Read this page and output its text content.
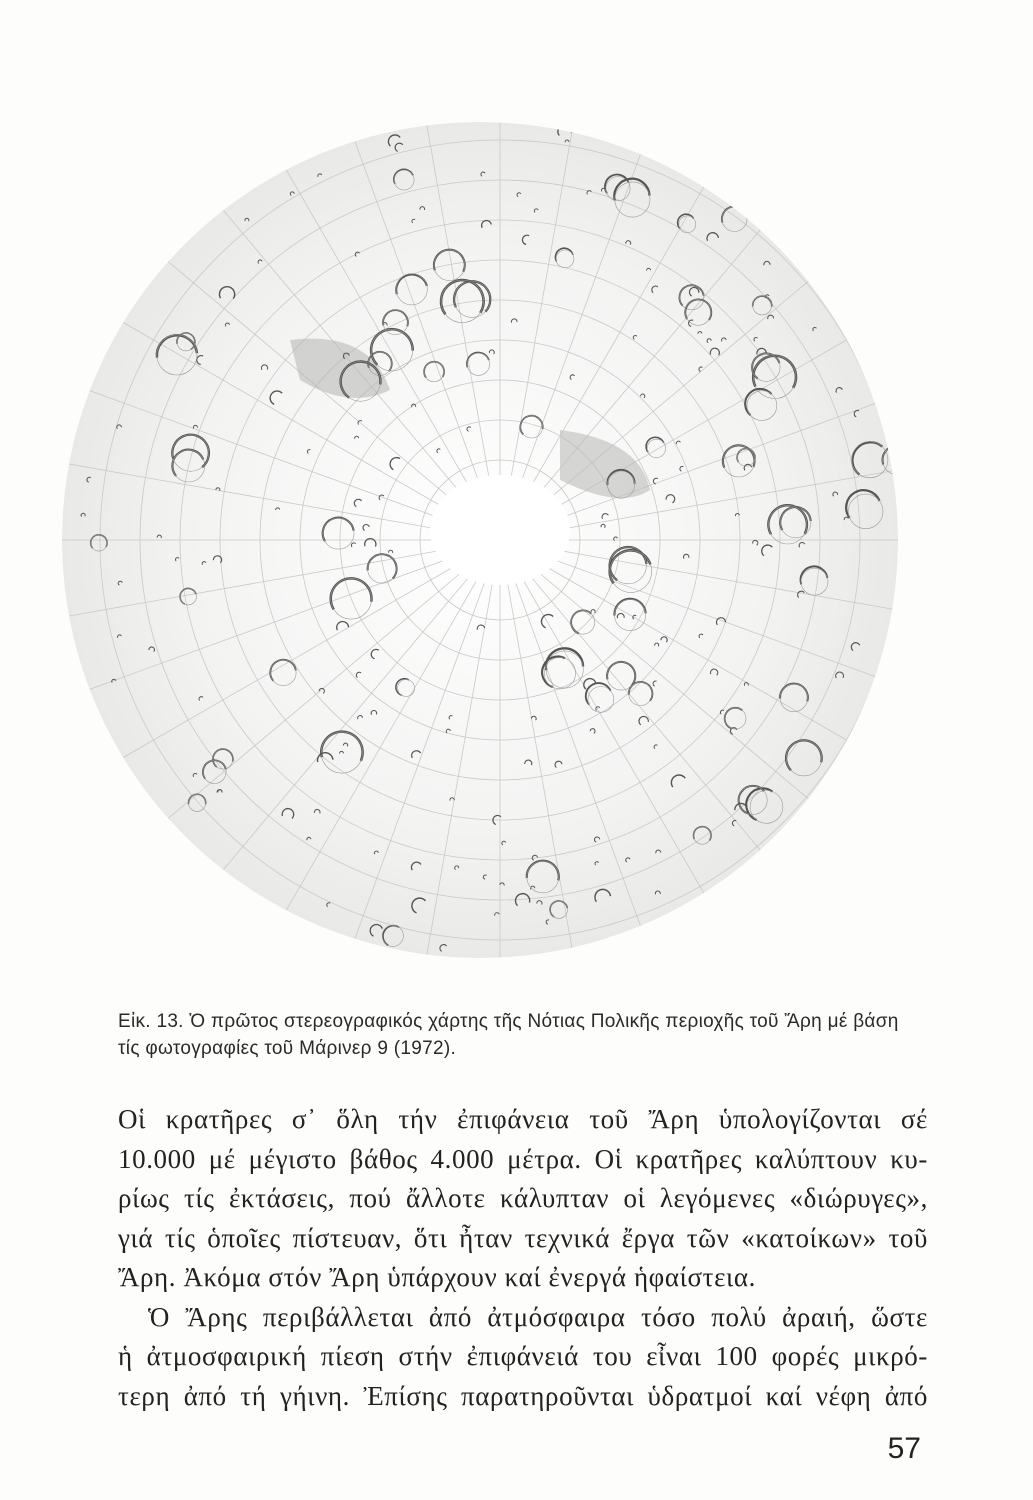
Εἰκ. 13. Ὁ πρῶτος στερεογραφικός χάρτης τῆς Νότιας Πολικῆς περιοχῆς τοῦ Ἄρη μέ βάση

τίς φωτογραφίες τοῦ Μάρινερ 9 (1972).

Οἱ κρατῆρες σ᾽ ὅλη τήν ἐπιφάνεια τοῦ Ἄρη ὑπολογίζονται σέ

10.000 μέ μέγιστο βάθος 4.000 μέτρα. Οἱ κρατῆρες καλύπτουν κυ-

ρίως τίς ἐκτάσεις, πού ἄλλοτε κάλυπταν οἱ λεγόμενες «διώρυγες»,

γιά τίς ὁποῖες πίστευαν, ὅτι ἦταν τεχνικά ἔργα τῶν «κατοίκων» τοῦ

Ἄρη. Ἀκόμα στόν Ἄρη ὑπάρχουν καί ἐνεργά ἡφαίστεια.

Ὁ Ἄρης περιβάλλεται ἀπό ἀτμόσφαιρα τόσο πολύ ἀραιή, ὥστε

ἡ ἀτμοσφαιρική πίεση στήν ἐπιφάνειά του εἶναι 100 φορές μικρό-

τερη ἀπό τή γήινη. Ἐπίσης παρατηροῦνται ὑδρατμοί καί νέφη ἀπό

57
